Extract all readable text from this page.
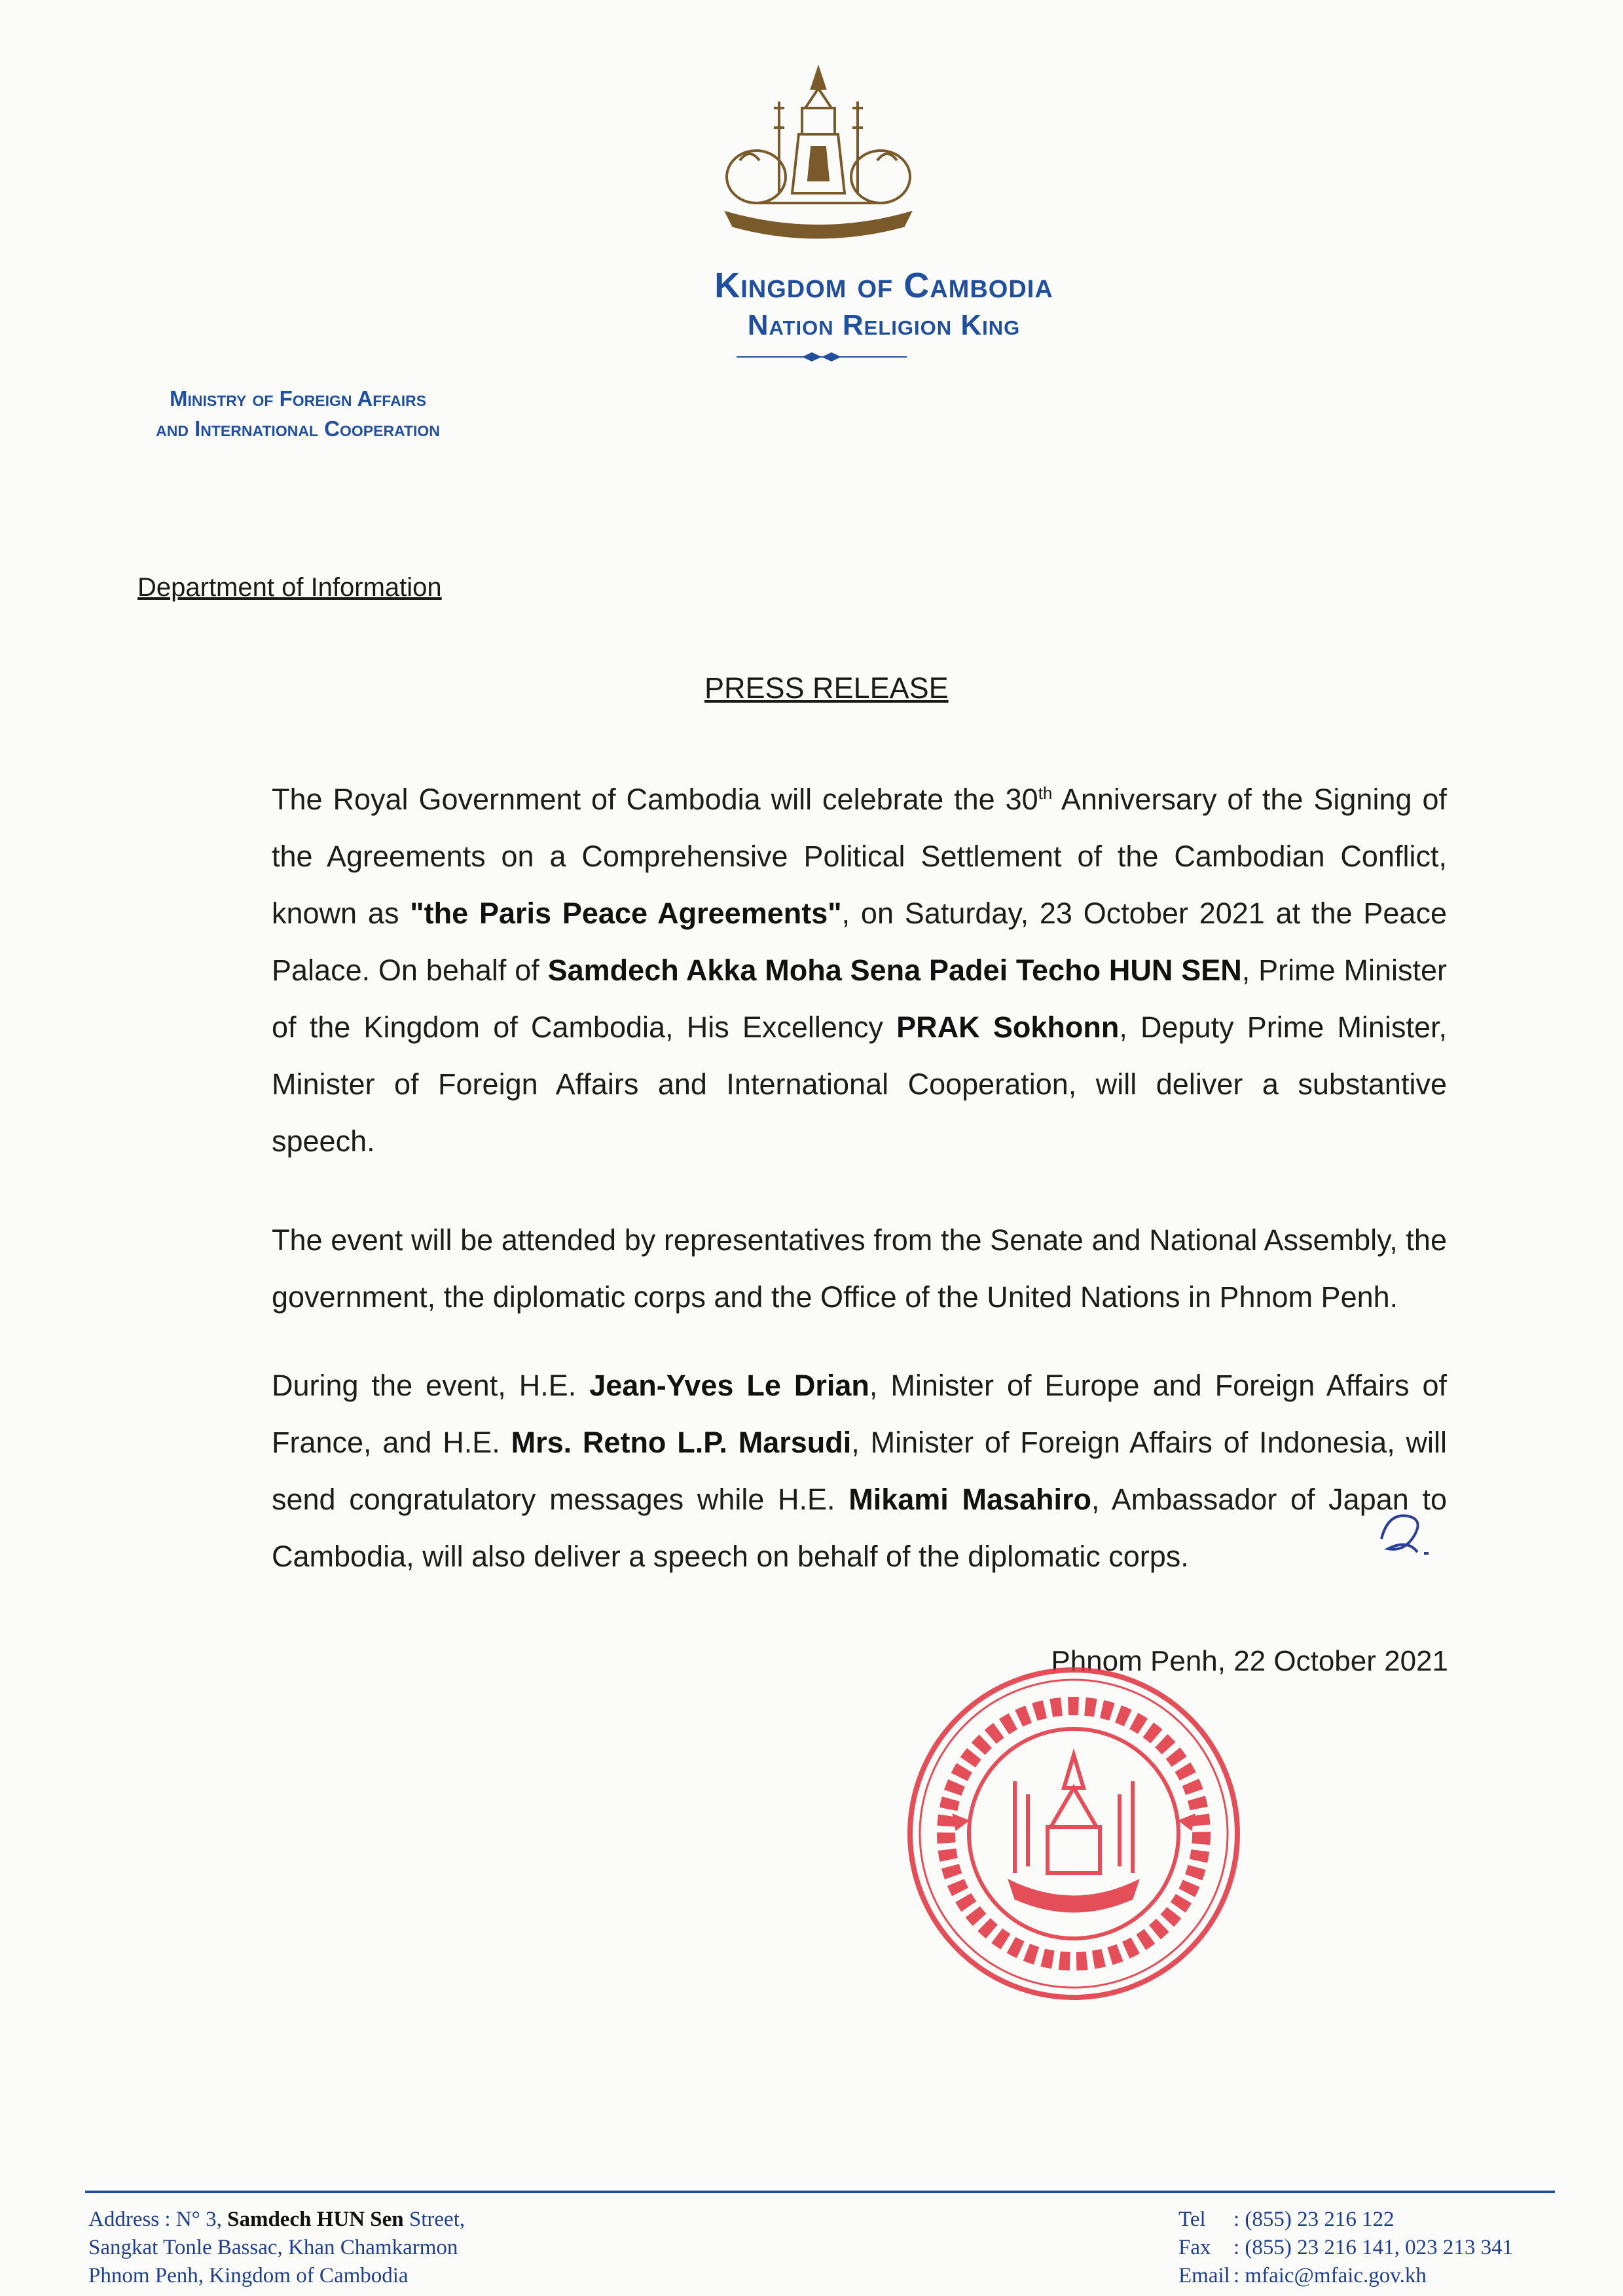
Kingdom of Cambodia
Nation Religion King
Ministry of Foreign Affairs
and International Cooperation
Department of Information
PRESS RELEASE
The Royal Government of Cambodia will celebrate the 30th Anniversary of the Signing of the Agreements on a Comprehensive Political Settlement of the Cambodian Conflict, known as "the Paris Peace Agreements", on Saturday, 23 October 2021 at the Peace Palace. On behalf of Samdech Akka Moha Sena Padei Techo HUN SEN, Prime Minister of the Kingdom of Cambodia, His Excellency PRAK Sokhonn, Deputy Prime Minister, Minister of Foreign Affairs and International Cooperation, will deliver a substantive speech.
The event will be attended by representatives from the Senate and National Assembly, the government, the diplomatic corps and the Office of the United Nations in Phnom Penh.
During the event, H.E. Jean-Yves Le Drian, Minister of Europe and Foreign Affairs of France, and H.E. Mrs. Retno L.P. Marsudi, Minister of Foreign Affairs of Indonesia, will send congratulatory messages while H.E. Mikami Masahiro, Ambassador of Japan to Cambodia, will also deliver a speech on behalf of the diplomatic corps.
Phnom Penh, 22 October 2021
Address : N° 3, Samdech HUN Sen Street,
Sangkat Tonle Bassac, Khan Chamkarmon
Phnom Penh, Kingdom of Cambodia
Tel : (855) 23 216 122
Fax : (855) 23 216 141, 023 213 341
Email : mfaic@mfaic.gov.kh
